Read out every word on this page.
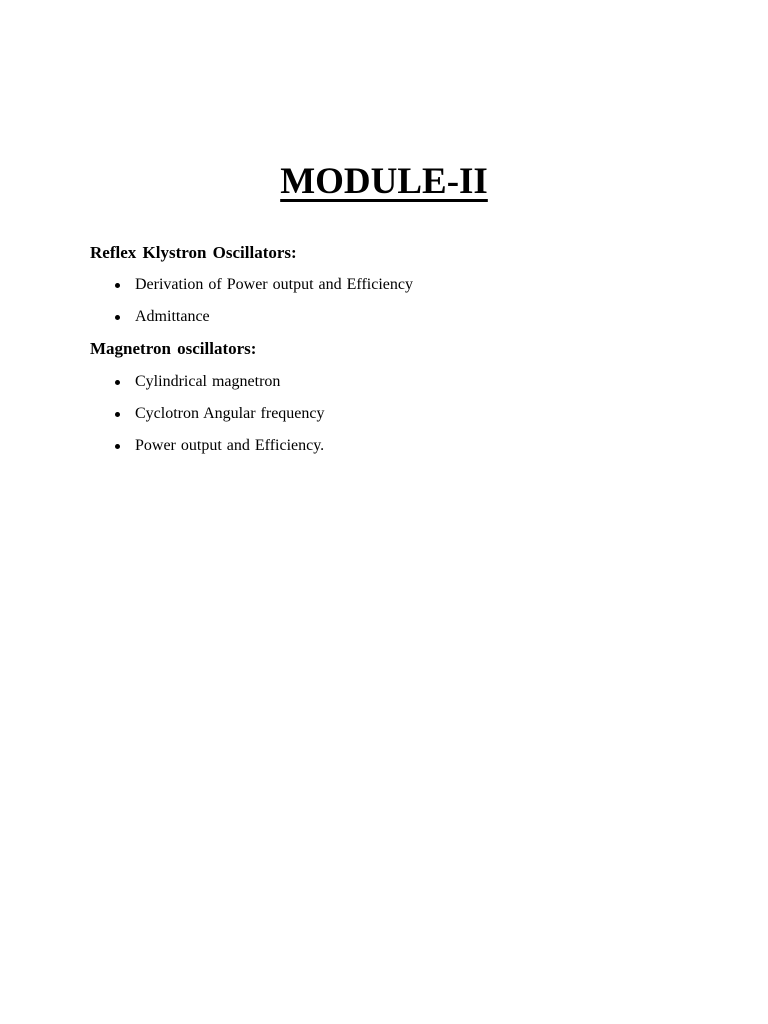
MODULE-II
Reflex Klystron Oscillators:
Derivation of Power output and Efficiency
Admittance
Magnetron oscillators:
Cylindrical magnetron
Cyclotron Angular frequency
Power output and Efficiency.
